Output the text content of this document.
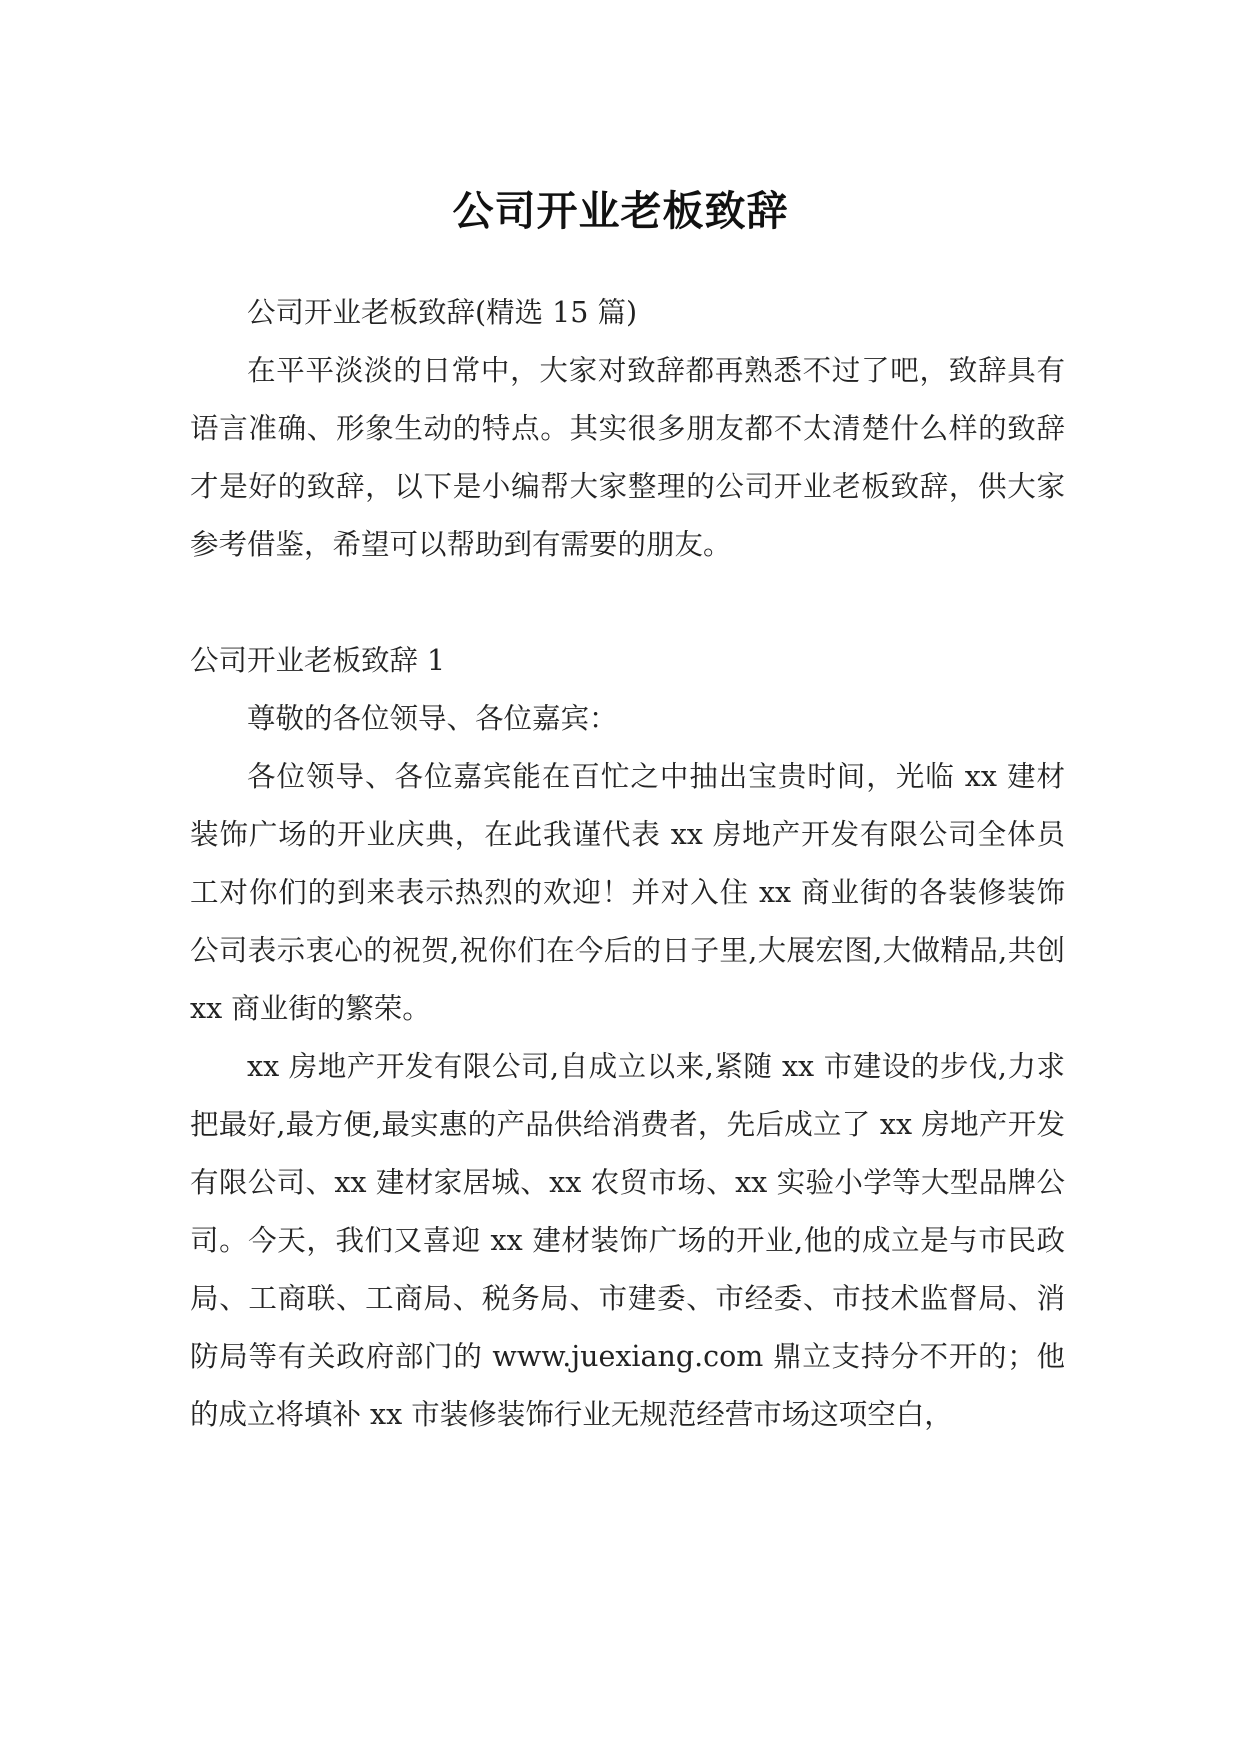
公司开业老板致辞

公司开业老板致辞(精选 15 篇)

在平平淡淡的日常中，大家对致辞都再熟悉不过了吧，致辞具有语言准确、形象生动的特点。其实很多朋友都不太清楚什么样的致辞才是好的致辞，以下是小编帮大家整理的公司开业老板致辞，供大家参考借鉴，希望可以帮助到有需要的朋友。

公司开业老板致辞 1

尊敬的各位领导、各位嘉宾：

各位领导、各位嘉宾能在百忙之中抽出宝贵时间，光临 xx 建材装饰广场的开业庆典，在此我谨代表 xx 房地产开发有限公司全体员工对你们的到来表示热烈的欢迎！并对入住 xx 商业街的各装修装饰公司表示衷心的祝贺,祝你们在今后的日子里,大展宏图,大做精品,共创 xx 商业街的繁荣。

xx 房地产开发有限公司,自成立以来,紧随 xx 市建设的步伐,力求把最好,最方便,最实惠的产品供给消费者，先后成立了 xx 房地产开发有限公司、xx 建材家居城、xx 农贸市场、xx 实验小学等大型品牌公司。今天，我们又喜迎 xx 建材装饰广场的开业,他的成立是与市民政局、工商联、工商局、税务局、市建委、市经委、市技术监督局、消防局等有关政府部门的 www.juexiang.com 鼎立支持分不开的；他的成立将填补 xx 市装修装饰行业无规范经营市场这项空白，
